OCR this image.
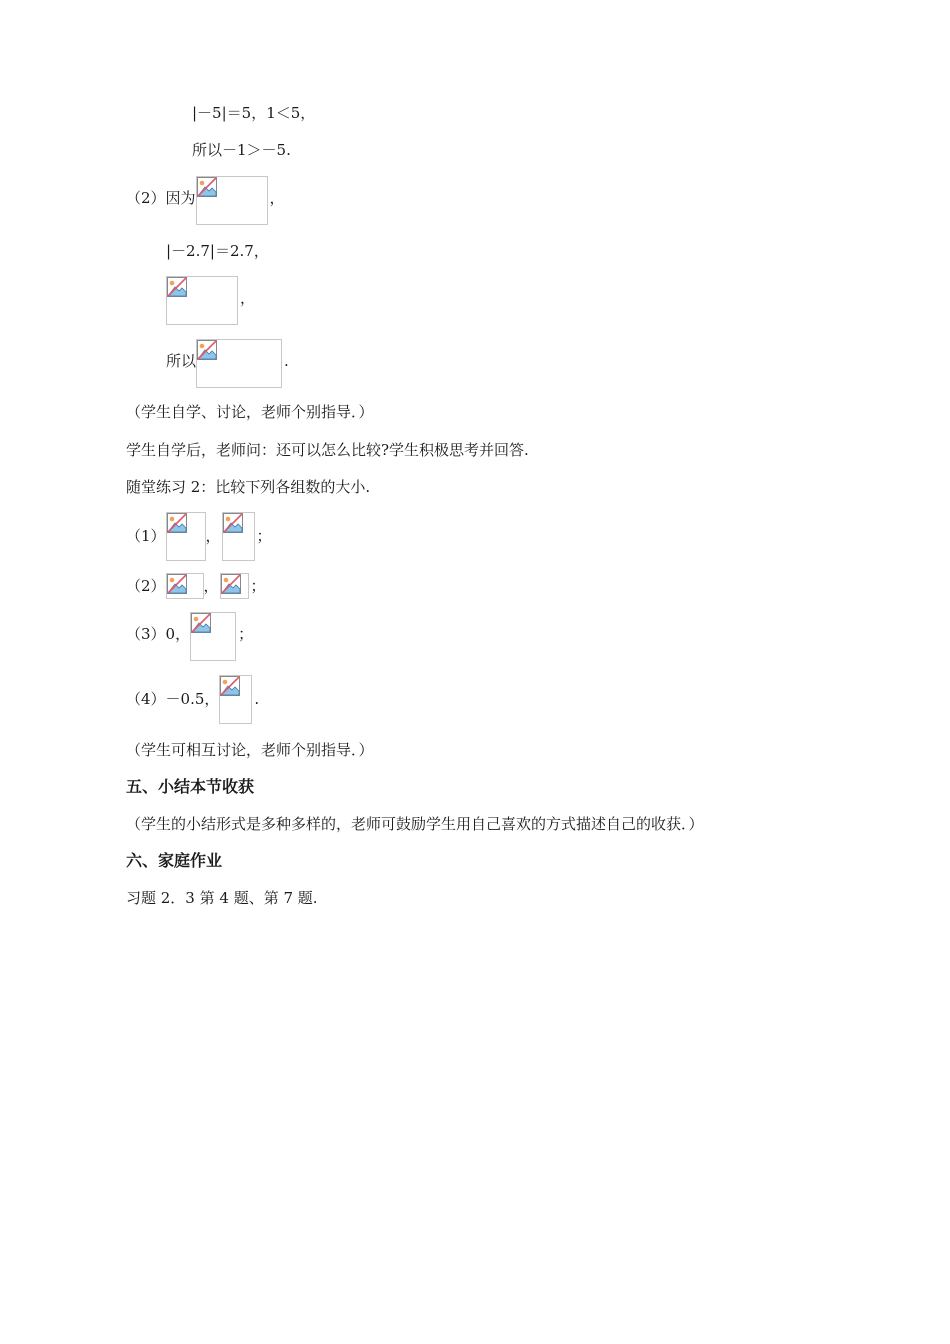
|－5|＝5，1＜5，
所以－1＞－5.
（2）因为	，
|－2.7|＝2.7，
，
所以	.
（学生自学、讨论，老师个别指导．）
学生自学后，老师问：还可以怎么比较?学生积极思考并回答.
随堂练习 2：比较下列各组数的大小.
（1）	， ；
（2）	， ；
（3）0，	；
（4）－0.5， .
（学生可相互讨论，老师个别指导．）
五、小结本节收获
（学生的小结形式是多种多样的，老师可鼓励学生用自己喜欢的方式描述自己的收获．）
六、家庭作业
习题 2．3 第 4 题、第 7 题.
